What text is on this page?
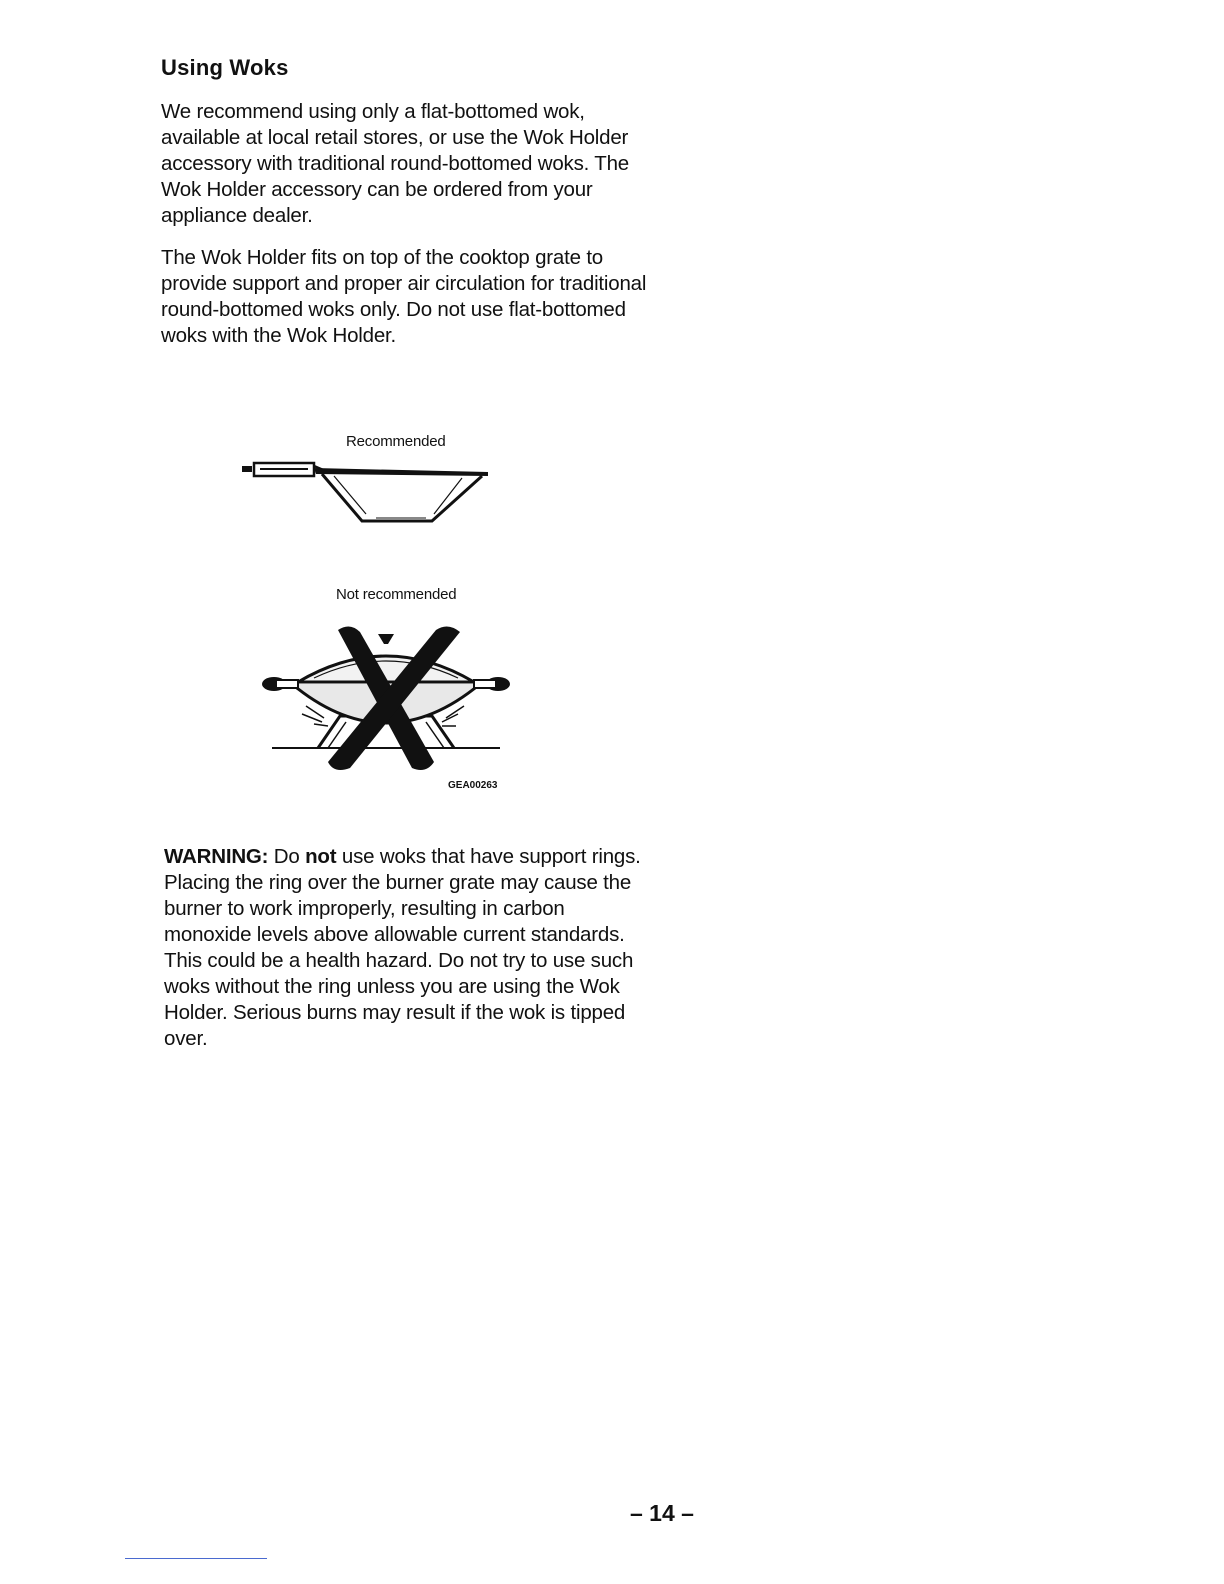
Using Woks

We recommend using only a flat-bottomed wok, available at local retail stores, or use the Wok Holder accessory with traditional round-bottomed woks. The Wok Holder accessory can be ordered from your appliance dealer.

The Wok Holder fits on top of the cooktop grate to provide support and proper air circulation for traditional round-bottomed woks only. Do not use flat-bottomed woks with the Wok Holder.

Recommended

Not recommended

GEA00263

WARNING: Do not use woks that have support rings. Placing the ring over the burner grate may cause the burner to work improperly, resulting in carbon monoxide levels above allowable current standards. This could be a health hazard. Do not try to use such woks without the ring unless you are using the Wok Holder. Serious burns may result if the wok is tipped over.

– 14 –
